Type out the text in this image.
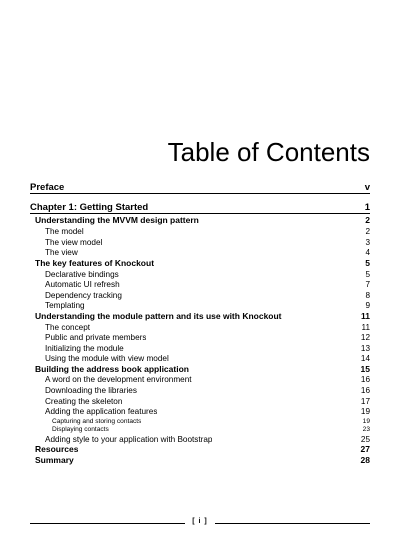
Table of Contents
Preface	v
Chapter 1: Getting Started	1
Understanding the MVVM design pattern	2
The model	2
The view model	3
The view	4
The key features of Knockout	5
Declarative bindings	5
Automatic UI refresh	7
Dependency tracking	8
Templating	9
Understanding the module pattern and its use with Knockout	11
The concept	11
Public and private members	12
Initializing the module	13
Using the module with view model	14
Building the address book application	15
A word on the development environment	16
Downloading the libraries	16
Creating the skeleton	17
Adding the application features	19
Capturing and storing contacts	19
Displaying contacts	23
Adding style to your application with Bootstrap	25
Resources	27
Summary	28
[ i ]
